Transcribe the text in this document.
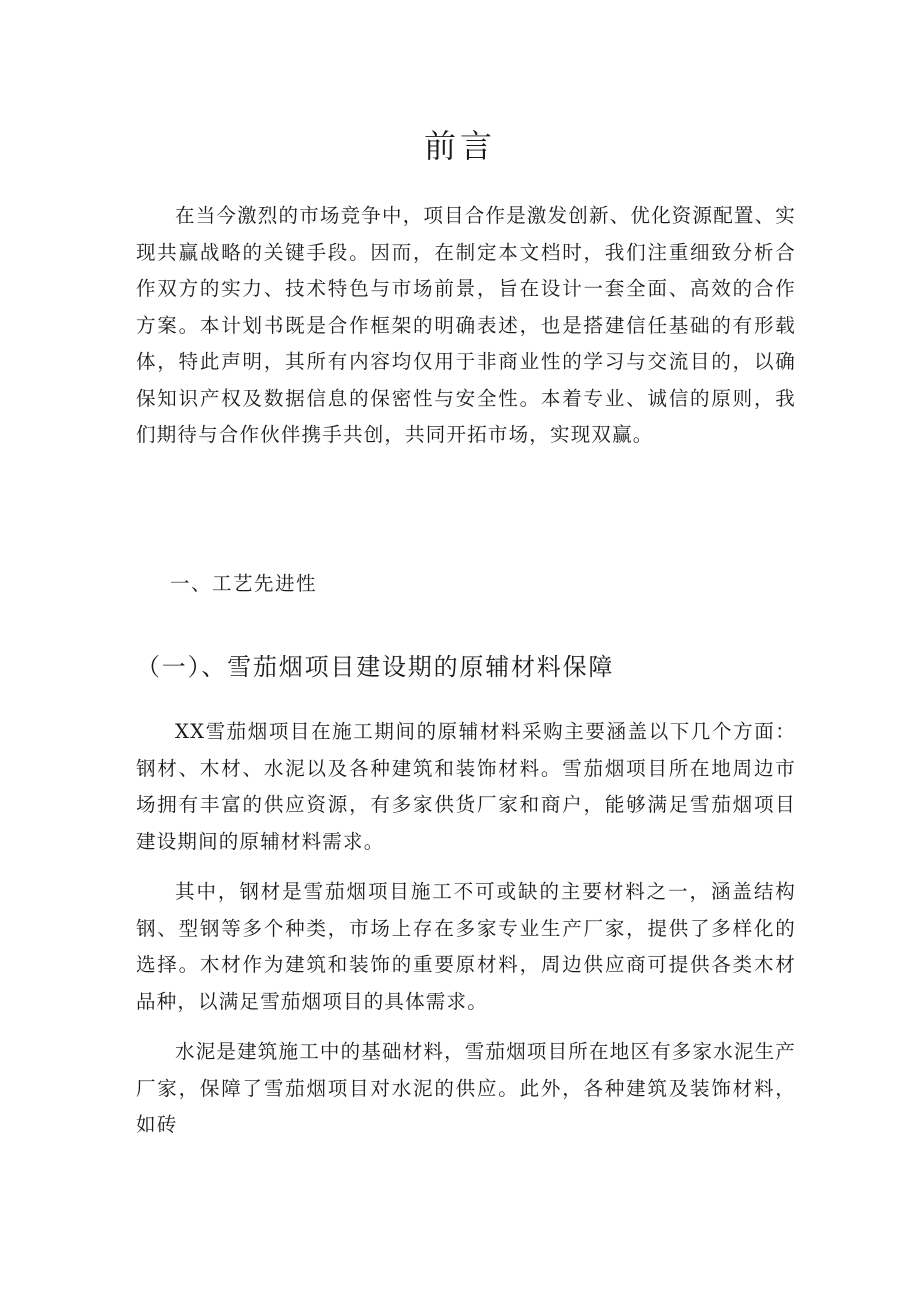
前言

在当今激烈的市场竞争中，项目合作是激发创新、优化资源配置、实现共赢战略的关键手段。因而，在制定本文档时，我们注重细致分析合作双方的实力、技术特色与市场前景，旨在设计一套全面、高效的合作方案。本计划书既是合作框架的明确表述，也是搭建信任基础的有形载体，特此声明，其所有内容均仅用于非商业性的学习与交流目的，以确保知识产权及数据信息的保密性与安全性。本着专业、诚信的原则，我们期待与合作伙伴携手共创，共同开拓市场，实现双赢。

一、工艺先进性
（一）、雪茄烟项目建设期的原辅材料保障

XX雪茄烟项目在施工期间的原辅材料采购主要涵盖以下几个方面：钢材、木材、水泥以及各种建筑和装饰材料。雪茄烟项目所在地周边市场拥有丰富的供应资源，有多家供货厂家和商户，能够满足雪茄烟项目建设期间的原辅材料需求。

其中，钢材是雪茄烟项目施工不可或缺的主要材料之一，涵盖结构钢、型钢等多个种类，市场上存在多家专业生产厂家，提供了多样化的选择。木材作为建筑和装饰的重要原材料，周边供应商可提供各类木材品种，以满足雪茄烟项目的具体需求。

水泥是建筑施工中的基础材料，雪茄烟项目所在地区有多家水泥生产厂家，保障了雪茄烟项目对水泥的供应。此外，各种建筑及装饰材料，如砖
